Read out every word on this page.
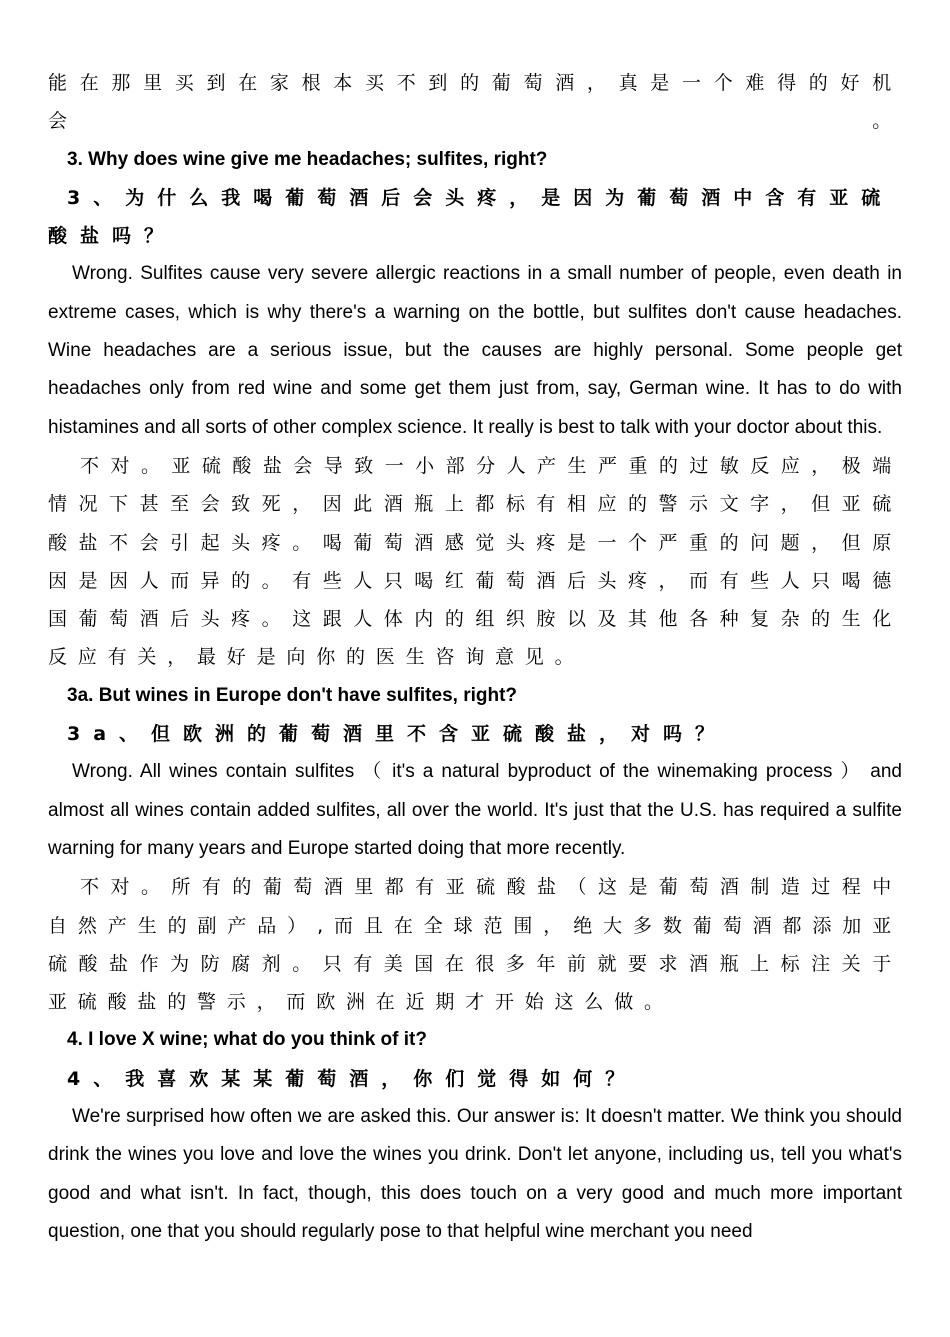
能在那里买到在家根本买不到的葡萄酒，真是一个难得的好机会。

3. Why does wine give me headaches; sulfites, right?

3、为什么我喝葡萄酒后会头疼，是因为葡萄酒中含有亚硫酸盐吗？

Wrong. Sulfites cause very severe allergic reactions in a small number of people, even death in extreme cases, which is why there's a warning on the bottle, but sulfites don't cause headaches. Wine headaches are a serious issue, but the causes are highly personal. Some people get headaches only from red wine and some get them just from, say, German wine. It has to do with histamines and all sorts of other complex science. It really is best to talk with your doctor about this.

不对。亚硫酸盐会导致一小部分人产生严重的过敏反应，极端情况下甚至会致死，因此酒瓶上都标有相应的警示文字，但亚硫酸盐不会引起头疼。喝葡萄酒感觉头疼是一个严重的问题，但原因是因人而异的。有些人只喝红葡萄酒后头疼，而有些人只喝德国葡萄酒后头疼。这跟人体内的组织胺以及其他各种复杂的生化反应有关，最好是向你的医生咨询意见。

3a. But wines in Europe don't have sulfites, right?

3a、但欧洲的葡萄酒里不含亚硫酸盐，对吗？

Wrong. All wines contain sulfites （ it's a natural byproduct of the winemaking process ） and almost all wines contain added sulfites, all over the world. It's just that the U.S. has required a sulfite warning for many years and Europe started doing that more recently.

不对。所有的葡萄酒里都有亚硫酸盐（这是葡萄酒制造过程中自然产生的副产品）,而且在全球范围，绝大多数葡萄酒都添加亚硫酸盐作为防腐剂。只有美国在很多年前就要求酒瓶上标注关于亚硫酸盐的警示，而欧洲在近期才开始这么做。

4. I love X wine; what do you think of it?

4、我喜欢某某葡萄酒，你们觉得如何？

We're surprised how often we are asked this. Our answer is: It doesn't matter. We think you should drink the wines you love and love the wines you drink. Don't let anyone, including us, tell you what's good and what isn't. In fact, though, this does touch on a very good and much more important question, one that you should regularly pose to that helpful wine merchant you need
